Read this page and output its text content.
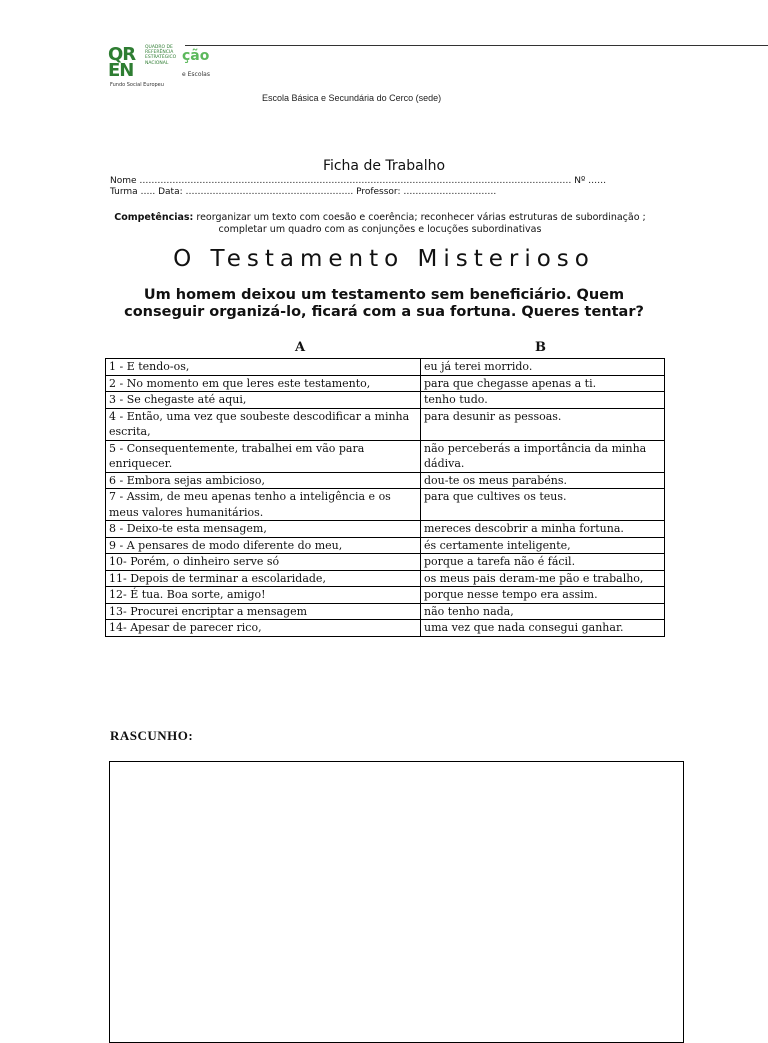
QR
EN
QUADRO DE REFERÊNCIA ESTRATÉGICO NACIONAL ção
e Escolas
Fundo Social Europeu
Escola Básica e Secundária do Cerco (sede)
Ficha de Trabalho
Nome ……………………………………………………………………………………………………………………………… Nº ……
Turma ….. Data: ……………………………………………….. Professor: ………………………….
Competências: reorganizar um texto com coesão e coerência; reconhecer várias estruturas de subordinação ; completar um quadro com as conjunções e locuções subordinativas
O Testamento Misterioso
Um homem deixou um testamento sem beneficiário. Quem conseguir organizá-lo, ficará com a sua fortuna. Queres tentar?
A	B
1 - E tendo-os,	eu já terei morrido.
2 - No momento em que leres este testamento,	para que chegasse apenas a ti.
3 - Se chegaste até aqui,	tenho tudo.
4 - Então, uma vez que soubeste descodificar a minha escrita,	para desunir as pessoas.
5 - Consequentemente, trabalhei em vão para enriquecer.	não perceberás a importância da minha dádiva.
6 - Embora sejas ambicioso,	dou-te os meus parabéns.
7 - Assim, de meu apenas tenho a inteligência e os meus valores humanitários.	para que cultives os teus.
8 - Deixo-te esta mensagem,	mereces descobrir a minha fortuna.
9 - A pensares de modo diferente do meu,	és certamente inteligente,
10- Porém, o dinheiro serve só	porque a tarefa não é fácil.
11- Depois de terminar a escolaridade,	os meus pais deram-me pão e trabalho,
12- É tua. Boa sorte, amigo!	porque nesse tempo era assim.
13- Procurei encriptar a mensagem	não tenho nada,
14- Apesar de parecer rico,	uma vez que nada consegui ganhar.
RASCUNHO:
